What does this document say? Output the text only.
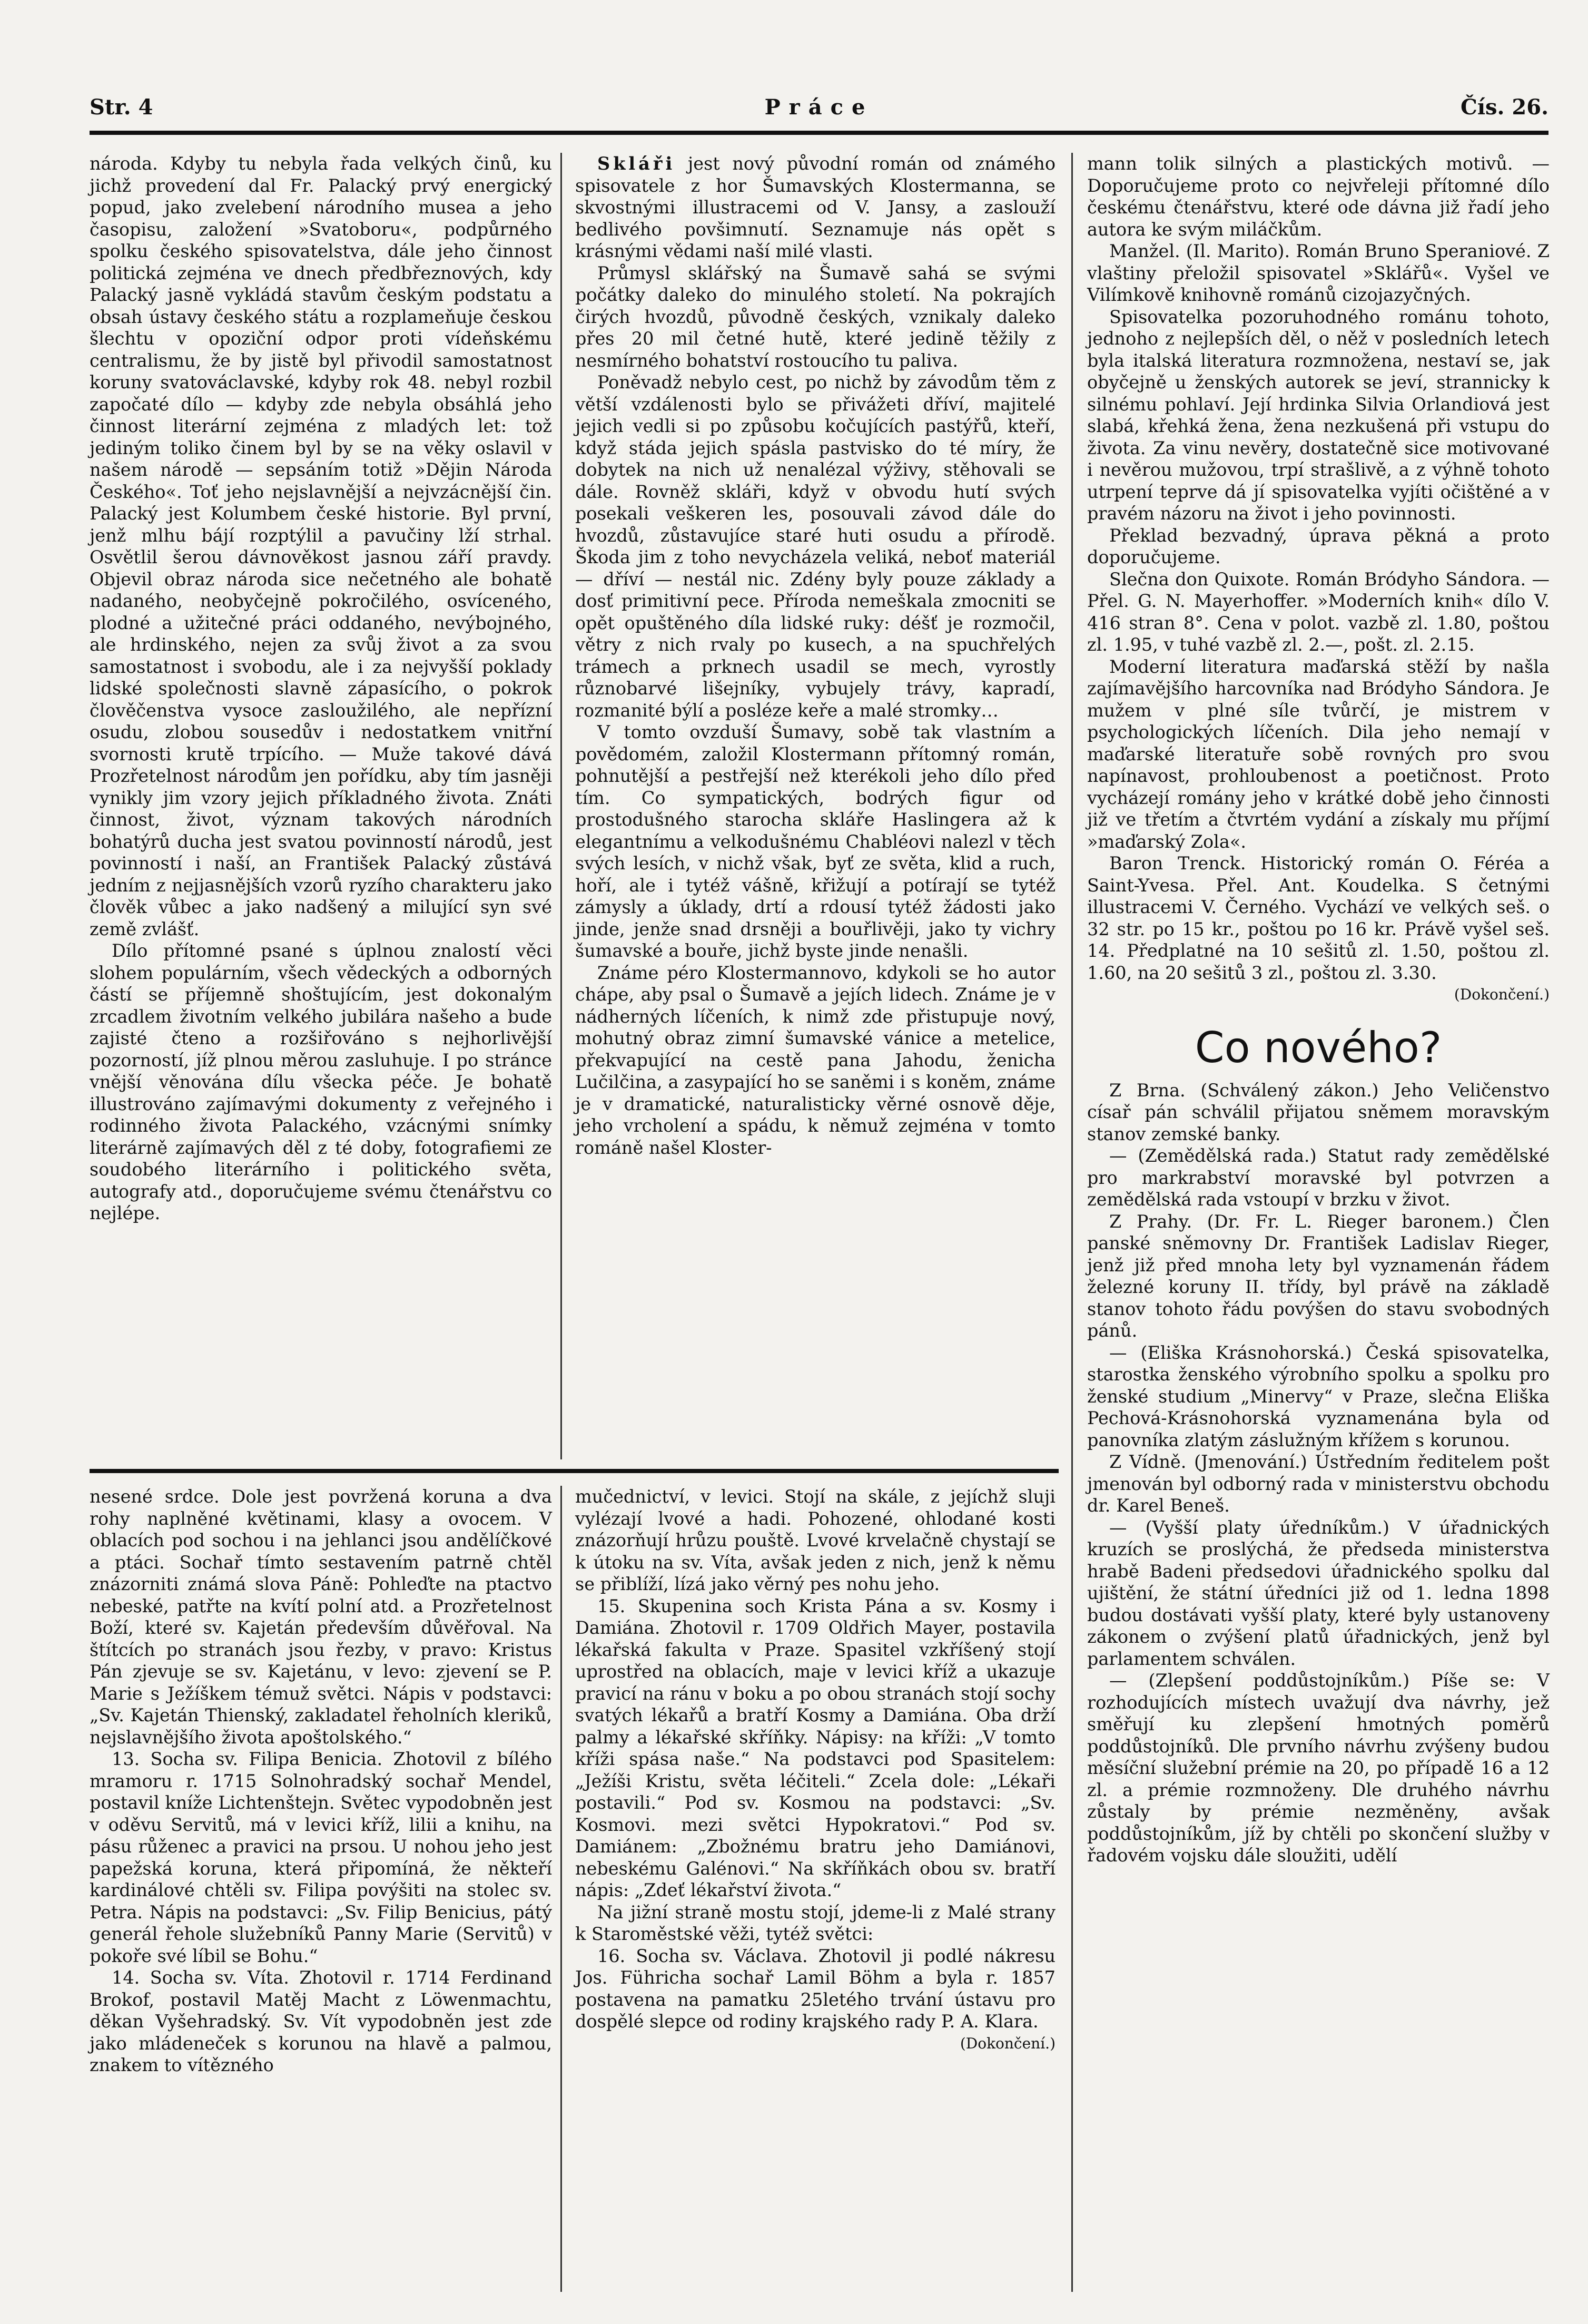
Str. 4	Práce	Čís. 26.

národa. Kdyby tu nebyla řada velkých činů, ku jichž provedení dal Fr. Palacký prvý energický popud, jako zvelebení národního musea a jeho časopisu, založení »Svatoboru«, podpůrného spolku českého spisovatelstva, dále jeho činnost politická zejména ve dnech předbřeznových, kdy Palacký jasně vykládá stavům českým podstatu a obsah ústavy českého státu a rozplameňuje českou šlechtu v opoziční odpor proti vídeňskému centralismu, že by jistě byl přivodil samostatnost koruny svatováclavské, kdyby rok 48. nebyl rozbil započaté dílo — kdyby zde nebyla obsáhlá jeho činnost literární zejména z mladých let: tož jediným toliko činem byl by se na věky oslavil v našem národě — sepsáním totiž »Dějin Národa Českého«. Toť jeho nejslavnější a nejvzácnější čin. Palacký jest Kolumbem české historie. Byl první, jenž mlhu bájí rozptýlil a pavučiny lží strhal. Osvětlil šerou dávnověkost jasnou září pravdy. Objevil obraz národa sice nečetného ale bohatě nadaného, neobyčejně pokročilého, osvíceného, plodné a užitečné práci oddaného, nevýbojného, ale hrdinského, nejen za svůj život a za svou samostatnost i svobodu, ale i za nejvyšší poklady lidské společnosti slavně zápasícího, o pokrok člověčenstva vysoce zasloužilého, ale nepřízní osudu, zlobou sousedův i nedostatkem vnitřní svornosti krutě trpícího. — Muže takové dává Prozřetelnost národům jen pořídku, aby tím jasněji vynikly jim vzory jejich příkladného života. Znáti činnost, život, význam takových národních bohatýrů ducha jest svatou povinností národů, jest povinností i naší, an František Palacký zůstává jedním z nejjasnějších vzorů ryzího charakteru jako člověk vůbec a jako nadšený a milující syn své země zvlášť.

Dílo přítomné psané s úplnou znalostí věci slohem populárním, všech vědeckých a odborných částí se příjemně shoštujícím, jest dokonalým zrcadlem životním velkého jubilára našeho a bude zajisté čteno a rozšiřováno s nejhorlivější pozorností, jíž plnou měrou zasluhuje. I po stránce vnější věnována dílu všecka péče. Je bohatě illustrováno zajímavými dokumenty z veřejného i rodinného života Palackého, vzácnými snímky literárně zajímavých děl z té doby, fotografiemi ze soudobého literárního i politického světa, autografy atd., doporučujeme svému čtenářstvu co nejlépe.

Skláři jest nový původní román od známého spisovatele z hor Šumavských Klostermanna, se skvostnými illustracemi od V. Jansy, a zaslouží bedlivého povšimnutí. Seznamuje nás opět s krásnými vědami naší milé vlasti.

Průmysl sklářský na Šumavě sahá se svými počátky daleko do minulého století. Na pokrajích čirých hvozdů, původně českých, vznikaly daleko přes 20 mil četné hutě, které jedině těžily z nesmírného bohatství rostoucího tu paliva.

Poněvadž nebylo cest, po nichž by závodům těm z větší vzdálenosti bylo se přivážeti dříví, majitelé jejich vedli si po způsobu kočujících pastýřů, kteří, když stáda jejich spásla pastvisko do té míry, že dobytek na nich už nenalézal výživy, stěhovali se dále. Rovněž skláři, když v obvodu hutí svých posekali veškeren les, posouvali závod dále do hvozdů, zůstavujíce staré huti osudu a přírodě. Škoda jim z toho nevycházela veliká, neboť materiál — dříví — nestál nic. Zdény byly pouze základy a dosť primitivní pece. Příroda nemeškala zmocniti se opět opuštěného díla lidské ruky: déšť je rozmočil, větry z nich rvaly po kusech, a na spuchřelých trámech a prknech usadil se mech, vyrostly různobarvé lišejníky, vybujely trávy, kapradí, rozmanité býlí a posléze keře a malé stromky…

V tomto ovzduší Šumavy, sobě tak vlastním a povědomém, založil Klostermann přítomný román, pohnutější a pestřejší než kterékoli jeho dílo před tím. Co sympatických, bodrých figur od prostodušného starocha skláře Haslingera až k elegantnímu a velkodušnému Chabléovi nalezl v těch svých lesích, v nichž však, byť ze světa, klid a ruch, hoří, ale i tytéž vášně, křižují a potírají se tytéž zámysly a úklady, drtí a rdousí tytéž žádosti jako jinde, jenže snad drsněji a bouřlivěji, jako ty vichry šumavské a bouře, jichž byste jinde nenašli.

Známe péro Klostermannovo, kdykoli se ho autor chápe, aby psal o Šumavě a jejích lidech. Známe je v nádherných líčeních, k nimž zde přistupuje nový, mohutný obraz zimní šumavské vánice a metelice, překvapující na cestě pana Jahodu, ženicha Lučilčina, a zasypající ho se saněmi i s koněm, známe je v dramatické, naturalisticky věrné osnově děje, jeho vrcholení a spádu, k němuž zejména v tomto románě našel Kloster-

mann tolik silných a plastických motivů. — Doporučujeme proto co nejvřeleji přítomné dílo českému čtenářstvu, které ode dávna již řadí jeho autora ke svým miláčkům.

Manžel. (Il. Marito). Román Bruno Speraniové. Z vlaštiny přeložil spisovatel »Sklářů«. Vyšel ve Vilímkově knihovně románů cizojazyčných.

Spisovatelka pozoruhodného románu tohoto, jednoho z nejlepších děl, o něž v posledních letech byla italská literatura rozmnožena, nestaví se, jak obyčejně u ženských autorek se jeví, strannicky k silnému pohlaví. Její hrdinka Silvia Orlandiová jest slabá, křehká žena, žena nezkušená při vstupu do života. Za vinu nevěry, dostatečně sice motivované i nevěrou mužovou, trpí strašlivě, a z výhně tohoto utrpení teprve dá jí spisovatelka vyjíti očištěné a v pravém názoru na život i jeho povinnosti.

Překlad bezvadný, úprava pěkná a proto doporučujeme.

Slečna don Quixote. Román Bródyho Sándora. — Přel. G. N. Mayerhoffer. »Moderních knih« dílo V. 416 stran 8°. Cena v polot. vazbě zl. 1.80, poštou zl. 1.95, v tuhé vazbě zl. 2.—, pošt. zl. 2.15.

Moderní literatura maďarská stěží by našla zajímavějšího harcovníka nad Bródyho Sándora. Je mužem v plné síle tvůrčí, je mistrem v psychologických líčeních. Dila jeho nemají v maďarské literatuře sobě rovných pro svou napínavost, prohloubenost a poetičnost. Proto vycházejí romány jeho v krátké době jeho činnosti již ve třetím a čtvrtém vydání a získaly mu příjmí »maďarský Zola«.

Baron Trenck. Historický román O. Féréa a Saint-Yvesa. Přel. Ant. Koudelka. S četnými illustracemi V. Černého. Vychází ve velkých seš. o 32 str. po 15 kr., poštou po 16 kr. Právě vyšel seš. 14. Předplatné na 10 sešitů zl. 1.50, poštou zl. 1.60, na 20 sešitů 3 zl., poštou zl. 3.30.

(Dokončení.)
Co nového?

Z Brna. (Schválený zákon.) Jeho Veličenstvo císař pán schválil přijatou sněmem moravským stanov zemské banky.

— (Zemědělská rada.) Statut rady zemědělské pro markrabství moravské byl potvrzen a zemědělská rada vstoupí v brzku v život.

Z Prahy. (Dr. Fr. L. Rieger baronem.) Člen panské sněmovny Dr. František Ladislav Rieger, jenž již před mnoha lety byl vyznamenán řádem železné koruny II. třídy, byl právě na základě stanov tohoto řádu povýšen do stavu svobodných pánů.

— (Eliška Krásnohorská.) Česká spisovatelka, starostka ženského výrobního spolku a spolku pro ženské studium „Minervy“ v Praze, slečna Eliška Pechová-Krásnohorská vyznamenána byla od panovníka zlatým záslužným křížem s korunou.

Z Vídně. (Jmenování.) Ústředním ředitelem pošt jmenován byl odborný rada v ministerstvu obchodu dr. Karel Beneš.

— (Vyšší platy úředníkům.) V úřadnických kruzích se proslýchá, že předseda ministerstva hrabě Badeni předsedovi úřadnického spolku dal ujištění, že státní úředníci již od 1. ledna 1898 budou dostávati vyšší platy, které byly ustanoveny zákonem o zvýšení platů úřadnických, jenž byl parlamentem schválen.

— (Zlepšení poddůstojníkům.) Píše se: V rozhodujících místech uvažují dva návrhy, jež směřují ku zlepšení hmotných poměrů poddůstojníků. Dle prvního návrhu zvýšeny budou měsíční služební prémie na 20, po případě 16 a 12 zl. a prémie rozmnoženy. Dle druhého návrhu zůstaly by prémie nezměněny, avšak poddůstojníkům, jíž by chtěli po skončení služby v řadovém vojsku dále sloužiti, udělí

nesené srdce. Dole jest povržená koruna a dva rohy naplněné květinami, klasy a ovocem. V oblacích pod sochou i na jehlanci jsou andělíčkové a ptáci. Sochař tímto sestavením patrně chtěl znázorniti známá slova Páně: Pohleďte na ptactvo nebeské, patřte na kvítí polní atd. a Prozřetelnost Boží, které sv. Kajetán především důvěřoval. Na štítcích po stranách jsou řezby, v pravo: Kristus Pán zjevuje se sv. Kajetánu, v levo: zjevení se P. Marie s Ježíškem témuž světci. Nápis v podstavci: „Sv. Kajetán Thienský, zakladatel řeholních kleriků, nejslavnějšího života apoštolského.“

13. Socha sv. Filipa Benicia. Zhotovil z bílého mramoru r. 1715 Solnohradský sochař Mendel, postavil kníže Lichtenštejn. Světec vypodobněn jest v oděvu Servitů, má v levici kříž, lilii a knihu, na pásu růženec a pravici na prsou. U nohou jeho jest papežská koruna, která připomíná, že někteří kardinálové chtěli sv. Filipa povýšiti na stolec sv. Petra. Nápis na podstavci: „Sv. Filip Benicius, pátý generál řehole služebníků Panny Marie (Servitů) v pokoře své líbil se Bohu.“

14. Socha sv. Víta. Zhotovil r. 1714 Ferdinand Brokof, postavil Matěj Macht z Löwenmachtu, děkan Vyšehradský. Sv. Vít vypodobněn jest zde jako mládeneček s korunou na hlavě a palmou, znakem to vítězného

mučednictví, v levici. Stojí na skále, z jejíchž sluji vylézají lvové a hadi. Pohozené, ohlodané kosti znázorňují hrůzu pouště. Lvové krvelačně chystají se k útoku na sv. Víta, avšak jeden z nich, jenž k němu se přiblíží, lízá jako věrný pes nohu jeho.

15. Skupenina soch Krista Pána a sv. Kosmy i Damiána. Zhotovil r. 1709 Oldřich Mayer, postavila lékařská fakulta v Praze. Spasitel vzkříšený stojí uprostřed na oblacích, maje v levici kříž a ukazuje pravicí na ránu v boku a po obou stranách stojí sochy svatých lékařů a bratří Kosmy a Damiána. Oba drží palmy a lékařské skříňky. Nápisy: na kříži: „V tomto kříži spása naše.“ Na podstavci pod Spasitelem: „Ježíši Kristu, světa léčiteli.“ Zcela dole: „Lékaři postavili.“ Pod sv. Kosmou na podstavci: „Sv. Kosmovi. mezi světci Hypokratovi.“ Pod sv. Damiánem: „Zbožnému bratru jeho Damiánovi, nebeskému Galénovi.“ Na skříňkách obou sv. bratří nápis: „Zdeť lékařství života.“

Na jižní straně mostu stojí, jdeme-li z Malé strany k Staroměstské věži, tytéž světci:

16. Socha sv. Václava. Zhotovil ji podlé nákresu Jos. Führicha sochař Lamil Böhm a byla r. 1857 postavena na pamatku 25letého trvání ústavu pro dospělé slepce od rodiny krajského rady P. A. Klara.

(Dokončení.)
